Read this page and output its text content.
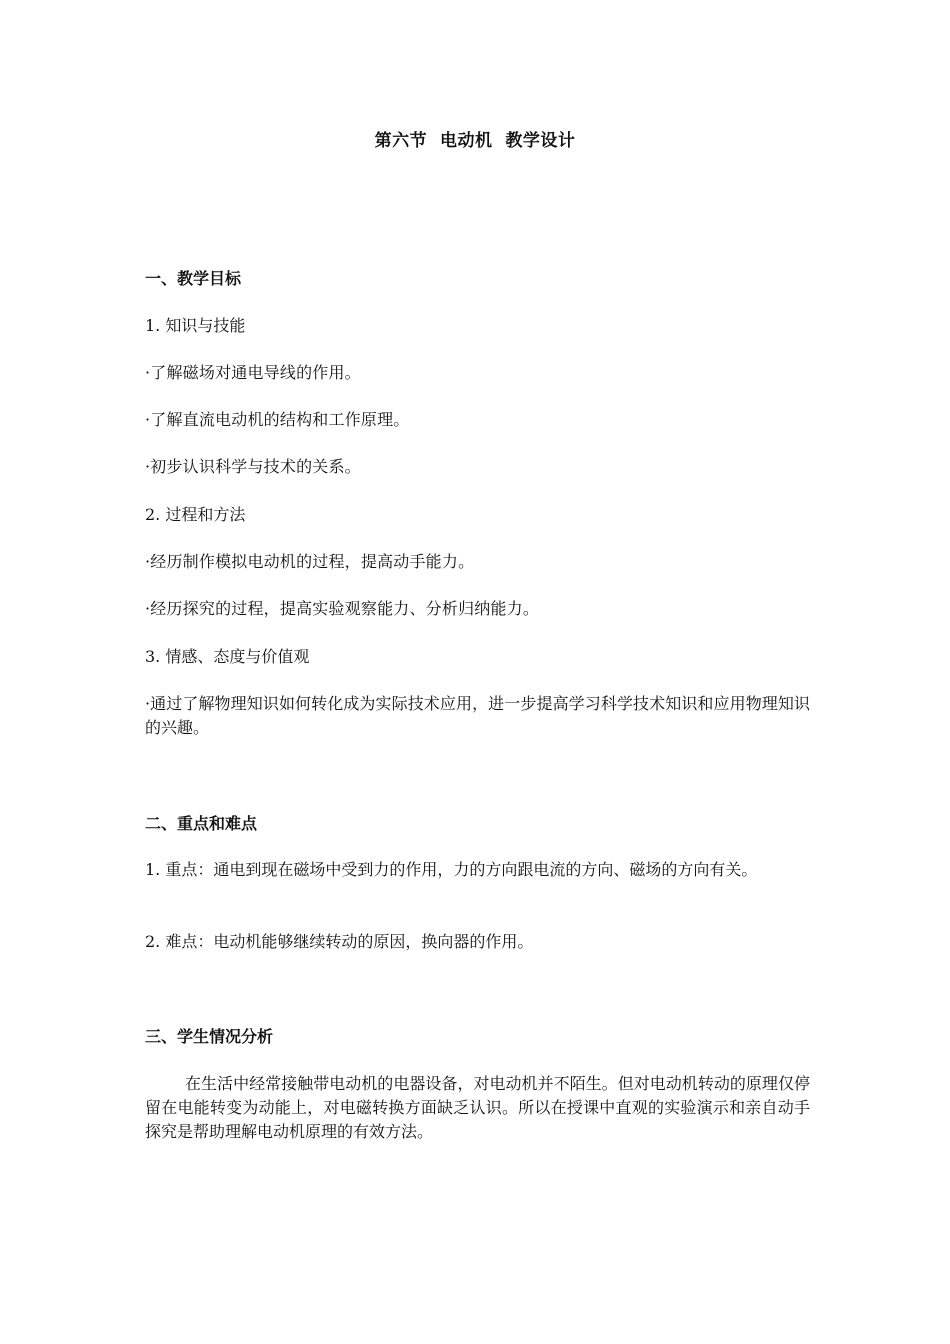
第六节  电动机  教学设计
一、教学目标
1. 知识与技能
·了解磁场对通电导线的作用。
·了解直流电动机的结构和工作原理。
·初步认识科学与技术的关系。
2. 过程和方法
·经历制作模拟电动机的过程，提高动手能力。
·经历探究的过程，提高实验观察能力、分析归纳能力。
3. 情感、态度与价值观
·通过了解物理知识如何转化成为实际技术应用，进一步提高学习科学技术知识和应用物理知识的兴趣。
二、重点和难点
1. 重点：通电到现在磁场中受到力的作用，力的方向跟电流的方向、磁场的方向有关。
2. 难点：电动机能够继续转动的原因，换向器的作用。
三、学生情况分析
在生活中经常接触带电动机的电器设备，对电动机并不陌生。但对电动机转动的原理仅停留在电能转变为动能上，对电磁转换方面缺乏认识。所以在授课中直观的实验演示和亲自动手探究是帮助理解电动机原理的有效方法。
